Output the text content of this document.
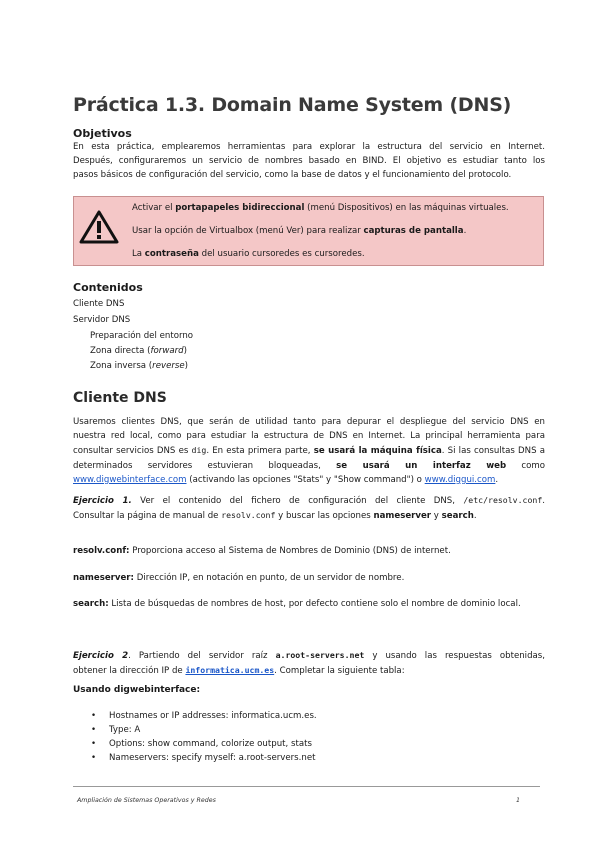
Práctica 1.3. Domain Name System (DNS)
Objetivos
En esta práctica, emplearemos herramientas para explorar la estructura del servicio en Internet.
Después, configuraremos un servicio de nombres basado en BIND. El objetivo es estudiar tanto los
pasos básicos de configuración del servicio, como la base de datos y el funcionamiento del protocolo.
Activar el portapapeles bidireccional (menú Dispositivos) en las máquinas virtuales.
Usar la opción de Virtualbox (menú Ver) para realizar capturas de pantalla.
La contraseña del usuario cursoredes es cursoredes.
Contenidos
Cliente DNS
Servidor DNS
Preparación del entorno
Zona directa (forward)
Zona inversa (reverse)
Cliente DNS
Usaremos clientes DNS, que serán de utilidad tanto para depurar el despliegue del servicio DNS en
nuestra red local, como para estudiar la estructura de DNS en Internet. La principal herramienta para
consultar servicios DNS es dig. En esta primera parte, se usará la máquina física. Si las consultas DNS a
determinados servidores estuvieran bloqueadas, se usará un interfaz web como
www.digwebinterface.com (activando las opciones "Stats" y "Show command") o www.diggui.com.
Ejercicio 1. Ver el contenido del fichero de configuración del cliente DNS, /etc/resolv.conf.
Consultar la página de manual de resolv.conf y buscar las opciones nameserver y search.
resolv.conf: Proporciona acceso al Sistema de Nombres de Dominio (DNS) de internet.
nameserver: Dirección IP, en notación en punto, de un servidor de nombre.
search: Lista de búsquedas de nombres de host, por defecto contiene solo el nombre de dominio local.
Ejercicio 2. Partiendo del servidor raíz a.root-servers.net y usando las respuestas obtenidas,
obtener la dirección IP de informatica.ucm.es. Completar la siguiente tabla:
Usando digwebinterface:
• Hostnames or IP addresses: informatica.ucm.es.
• Type: A
• Options: show command, colorize output, stats
• Nameservers: specify myself: a.root-servers.net
Ampliación de Sistemas Operativos y Redes	1
